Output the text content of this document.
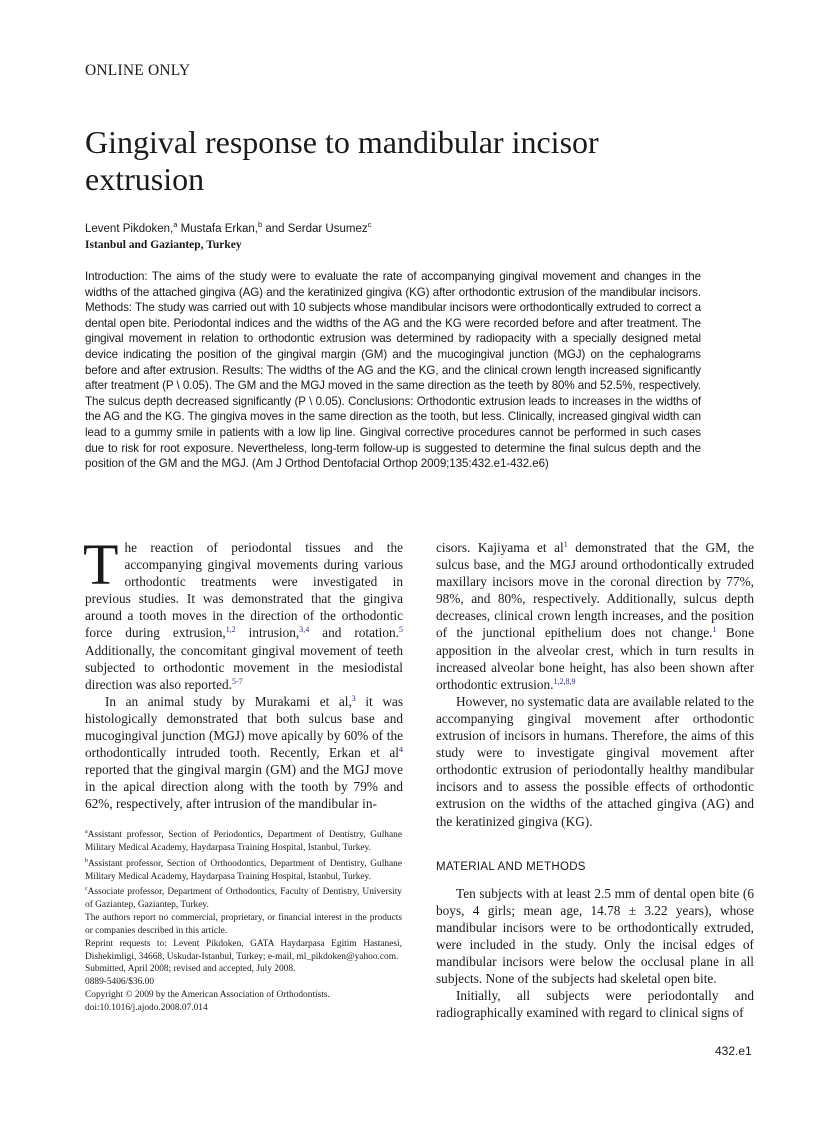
ONLINE ONLY
Gingival response to mandibular incisor extrusion
Levent Pikdoken,$^a$ Mustafa Erkan,$^b$ and Serdar Usumez$^c$
Istanbul and Gaziantep, Turkey

Introduction: The aims of the study were to evaluate the rate of accompanying gingival movement and changes in the widths of the attached gingiva (AG) and the keratinized gingiva (KG) after orthodontic extrusion of the mandibular incisors. Methods: The study was carried out with 10 subjects whose mandibular incisors were orthodontically extruded to correct a dental open bite. Periodontal indices and the widths of the AG and the KG were recorded before and after treatment. The gingival movement in relation to orthodontic extrusion was determined by radiopacity with a specially designed metal device indicating the position of the gingival margin (GM) and the mucogingival junction (MGJ) on the cephalograms before and after extrusion. Results: The widths of the AG and the KG, and the clinical crown length increased significantly after treatment (P \ 0.05). The GM and the MGJ moved in the same direction as the teeth by 80% and 52.5%, respectively. The sulcus depth decreased significantly (P \ 0.05). Conclusions: Orthodontic extrusion leads to increases in the widths of the AG and the KG. The gingiva moves in the same direction as the tooth, but less. Clinically, increased gingival width can lead to a gummy smile in patients with a low lip line. Gingival corrective procedures cannot be performed in such cases due to risk for root exposure. Nevertheless, long-term follow-up is suggested to determine the final sulcus depth and the position of the GM and the MGJ. (Am J Orthod Dentofacial Orthop 2009;135:432.e1-432.e6)

The reaction of periodontal tissues and the accompanying gingival movements during various orthodontic treatments were investigated in previous studies. It was demonstrated that the gingiva around a tooth moves in the direction of the orthodontic force during extrusion,$^{1,2}$ intrusion,$^{3,4}$ and rotation.$^5$ Additionally, the concomitant gingival movement of teeth subjected to orthodontic movement in the mesiodistal direction was also reported.$^{5-7}$

In an animal study by Murakami et al,$^3$ it was histologically demonstrated that both sulcus base and mucogingival junction (MGJ) move apically by 60% of the orthodontically intruded tooth. Recently, Erkan et al$^4$ reported that the gingival margin (GM) and the MGJ move in the apical direction along with the tooth by 79% and 62%, respectively, after intrusion of the mandibular in-

cisors. Kajiyama et al$^1$ demonstrated that the GM, the sulcus base, and the MGJ around orthodontically extruded maxillary incisors move in the coronal direction by 77%, 98%, and 80%, respectively. Additionally, sulcus depth decreases, clinical crown length increases, and the position of the junctional epithelium does not change.$^1$ Bone apposition in the alveolar crest, which in turn results in increased alveolar bone height, has also been shown after orthodontic extrusion.$^{1,2,8,9}$

However, no systematic data are available related to the accompanying gingival movement after orthodontic extrusion of incisors in humans. Therefore, the aims of this study were to investigate gingival movement after orthodontic extrusion of periodontally healthy mandibular incisors and to assess the possible effects of orthodontic extrusion on the widths of the attached gingiva (AG) and the keratinized gingiva (KG).

MATERIAL AND METHODS

Ten subjects with at least 2.5 mm of dental open bite (6 boys, 4 girls; mean age, 14.78 ± 3.22 years), whose mandibular incisors were to be orthodontically extruded, were included in the study. Only the incisal edges of mandibular incisors were below the occlusal plane in all subjects. None of the subjects had skeletal open bite.

Initially, all subjects were periodontally and radiographically examined with regard to clinical signs of

$^a$Assistant professor, Section of Periodontics, Department of Dentistry, Gulhane Military Medical Academy, Haydarpasa Training Hospital, Istanbul, Turkey.
$^b$Assistant professor, Section of Orthoodontics, Department of Dentistry, Gulhane Military Medical Academy, Haydarpasa Training Hospital, Istanbul, Turkey.
$^c$Associate professor, Department of Orthodontics, Faculty of Dentistry, University of Gaziantep, Gaziantep, Turkey.
The authors report no commercial, proprietary, or financial interest in the products or companies described in this article.
Reprint requests to: Levent Pikdoken, GATA Haydarpasa Egitim Hastanesi, Dishekimligi, 34668, Uskudar-Istanbul, Turkey; e-mail, ml_pikdoken@yahoo.com.
Submitted, April 2008; revised and accepted, July 2008.
0889-5406/$36.00
Copyright © 2009 by the American Association of Orthodontists.
doi:10.1016/j.ajodo.2008.07.014
432.e1
